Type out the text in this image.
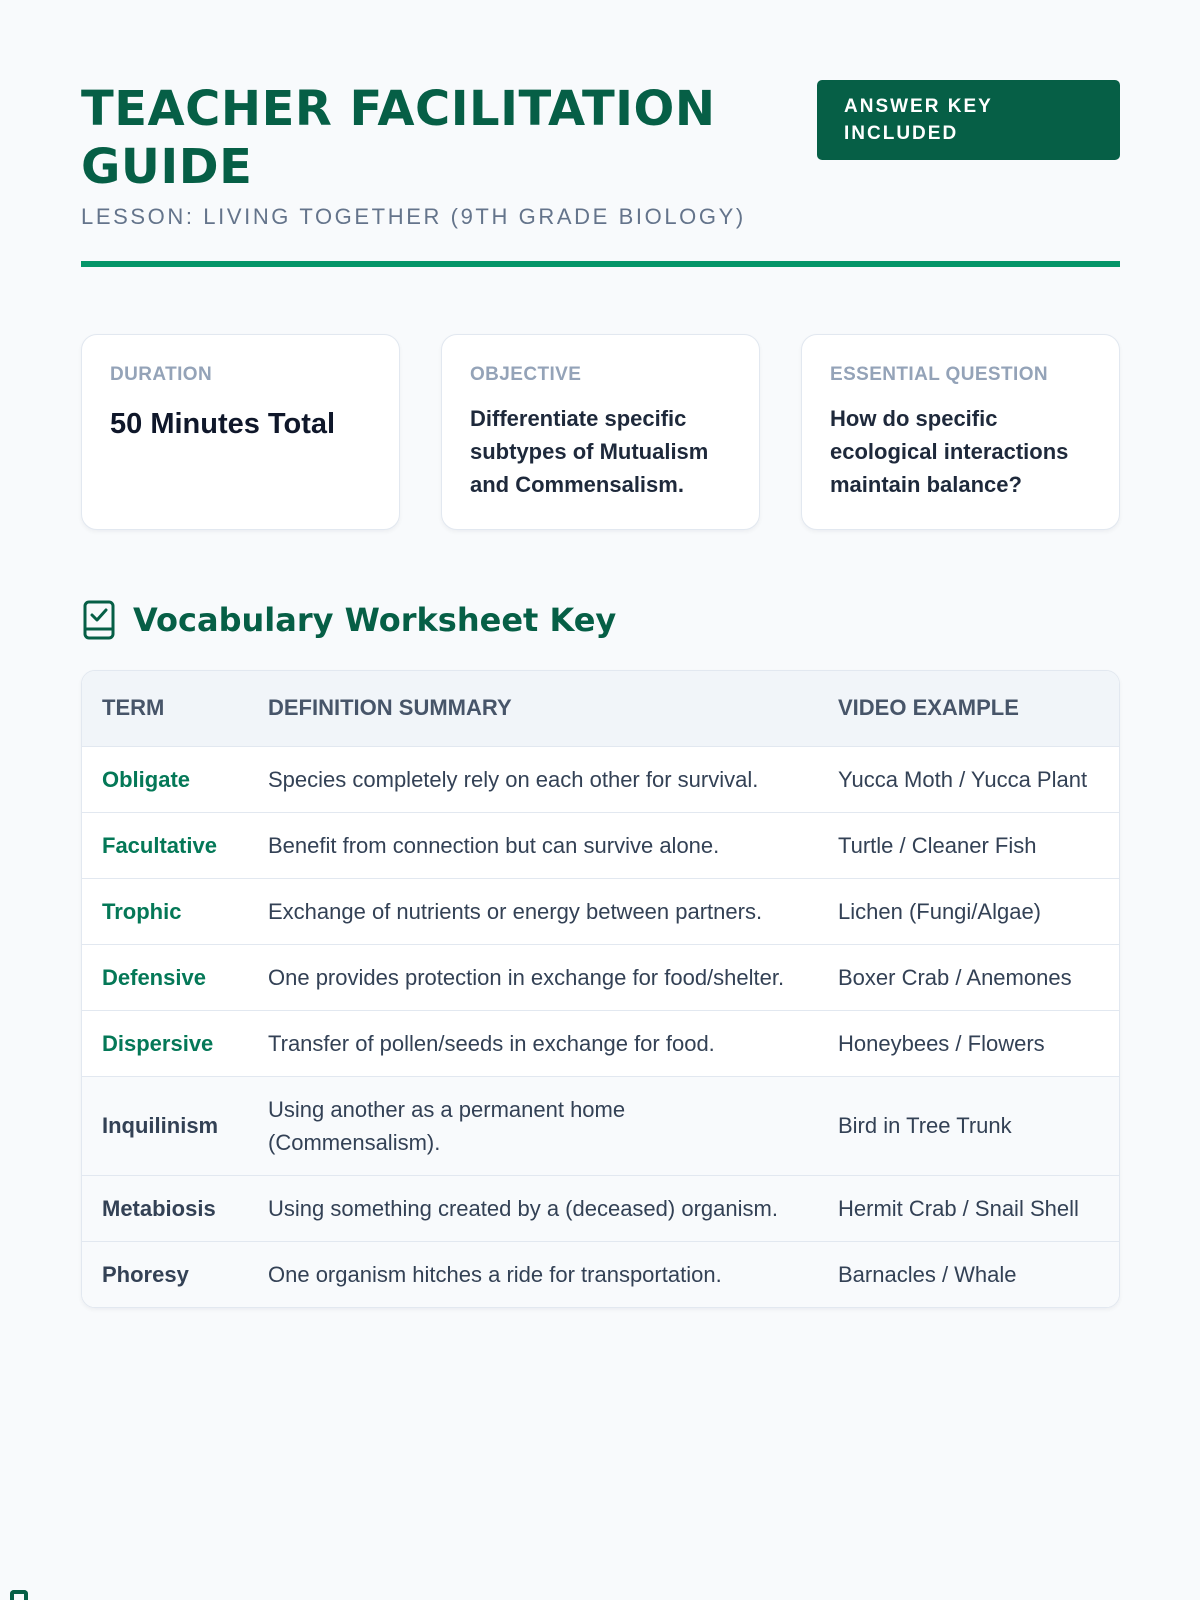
TEACHER FACILITATION GUIDE
LESSON: LIVING TOGETHER (9TH GRADE BIOLOGY)
ANSWER KEY INCLUDED
DURATION
50 Minutes Total
OBJECTIVE
Differentiate specific subtypes of Mutualism and Commensalism.
ESSENTIAL QUESTION
How do specific ecological interactions maintain balance?
Vocabulary Worksheet Key
TERM	DEFINITION SUMMARY	VIDEO EXAMPLE
Obligate	Species completely rely on each other for survival.	Yucca Moth / Yucca Plant
Facultative	Benefit from connection but can survive alone.	Turtle / Cleaner Fish
Trophic	Exchange of nutrients or energy between partners.	Lichen (Fungi/Algae)
Defensive	One provides protection in exchange for food/shelter.	Boxer Crab / Anemones
Dispersive	Transfer of pollen/seeds in exchange for food.	Honeybees / Flowers
Inquilinism	Using another as a permanent home (Commensalism).	Bird in Tree Trunk
Metabiosis	Using something created by a (deceased) organism.	Hermit Crab / Snail Shell
Phoresy	One organism hitches a ride for transportation.	Barnacles / Whale
